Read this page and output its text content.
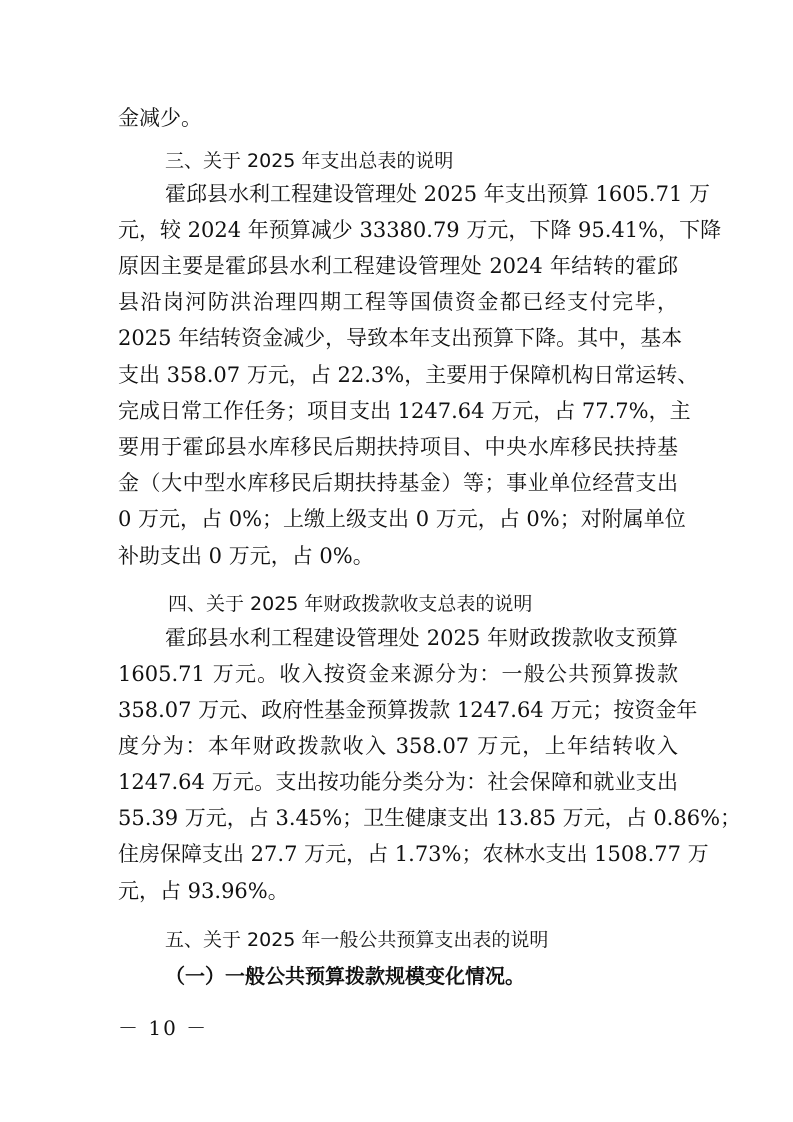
金减少。
三、关于 2025 年支出总表的说明
霍邱县水利工程建设管理处 2025 年支出预算 1605.71 万
元，较 2024 年预算减少 33380.79 万元，下降 95.41%，下降
原因主要是霍邱县水利工程建设管理处 2024 年结转的霍邱
县沿岗河防洪治理四期工程等国债资金都已经支付完毕，
2025 年结转资金减少，导致本年支出预算下降。其中，基本
支出 358.07 万元，占 22.3%，主要用于保障机构日常运转、
完成日常工作任务；项目支出 1247.64 万元，占 77.7%，主
要用于霍邱县水库移民后期扶持项目、中央水库移民扶持基
金（大中型水库移民后期扶持基金）等；事业单位经营支出
0 万元，占 0%；上缴上级支出 0 万元，占 0%；对附属单位
补助支出 0 万元，占 0%。
四、关于 2025 年财政拨款收支总表的说明
霍邱县水利工程建设管理处 2025 年财政拨款收支预算
1605.71 万元。收入按资金来源分为：一般公共预算拨款
358.07 万元、政府性基金预算拨款 1247.64 万元；按资金年
度分为：本年财政拨款收入 358.07 万元，上年结转收入
1247.64 万元。支出按功能分类分为：社会保障和就业支出
55.39 万元，占 3.45%；卫生健康支出 13.85 万元，占 0.86%；
住房保障支出 27.7 万元，占 1.73%；农林水支出 1508.77 万
元，占 93.96%。
五、关于 2025 年一般公共预算支出表的说明
（一）一般公共预算拨款规模变化情况。
－ 10 －
